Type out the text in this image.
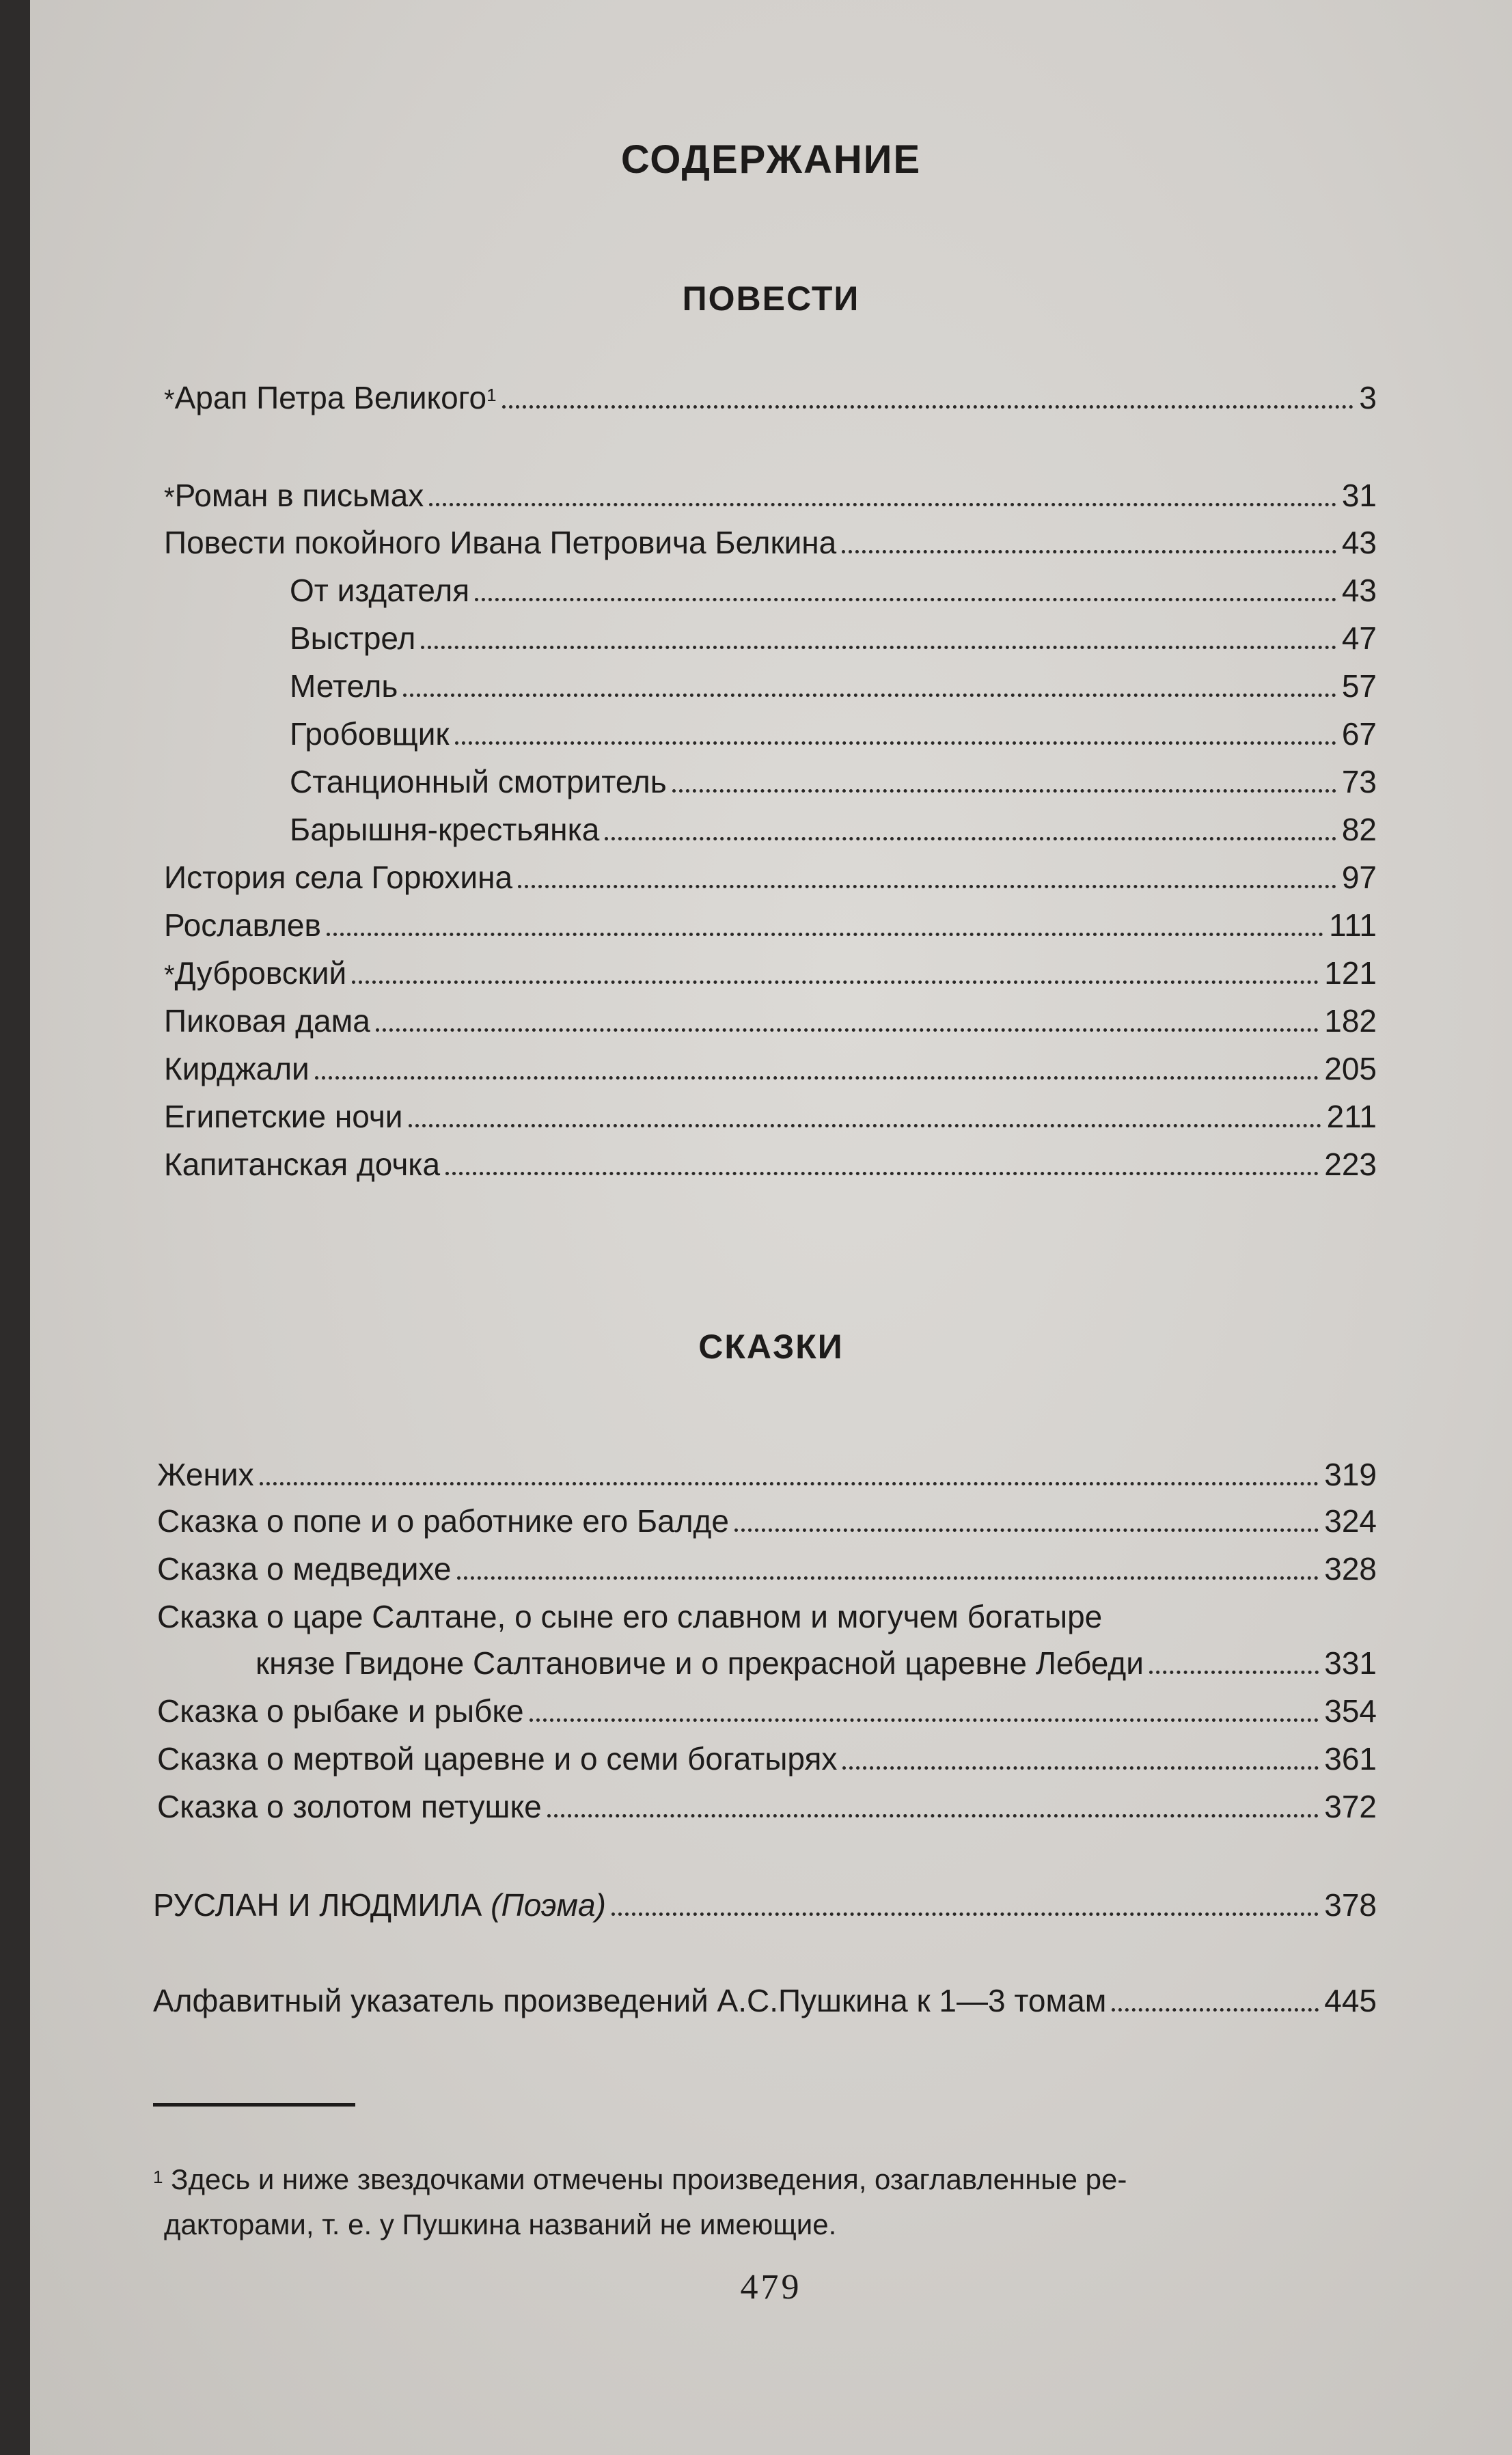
СОДЕРЖАНИЕ
ПОВЕСТИ
*Арап Петра Великого$^1$	3
*Роман в письмах	31
Повести покойного Ивана Петровича Белкина	43
От издателя	43
Выстрел	47
Метель	57
Гробовщик	67
Станционный смотритель	73
Барышня-крестьянка	82
История села Горюхина	97
Рославлев	111
*Дубровский	121
Пиковая дама	182
Кирджали	205
Египетские ночи	211
Капитанская дочка	223
СКАЗКИ
Жених	319
Сказка о попе и о работнике его Балде	324
Сказка о медведихе	328
Сказка о царе Салтане, о сыне его славном и могучем богатыре
князе Гвидоне Салтановиче и о прекрасной царевне Лебеди	331
Сказка о рыбаке и рыбке	354
Сказка о мертвой царевне и о семи богатырях	361
Сказка о золотом петушке	372
РУСЛАН И ЛЮДМИЛА (Поэма)	378
Алфавитный указатель произведений А.С.Пушкина к 1—3 томам	445
$^1$ Здесь и ниже звездочками отмечены произведения, озаглавленные ре-
дакторами, т. е. у Пушкина названий не имеющие.
479
